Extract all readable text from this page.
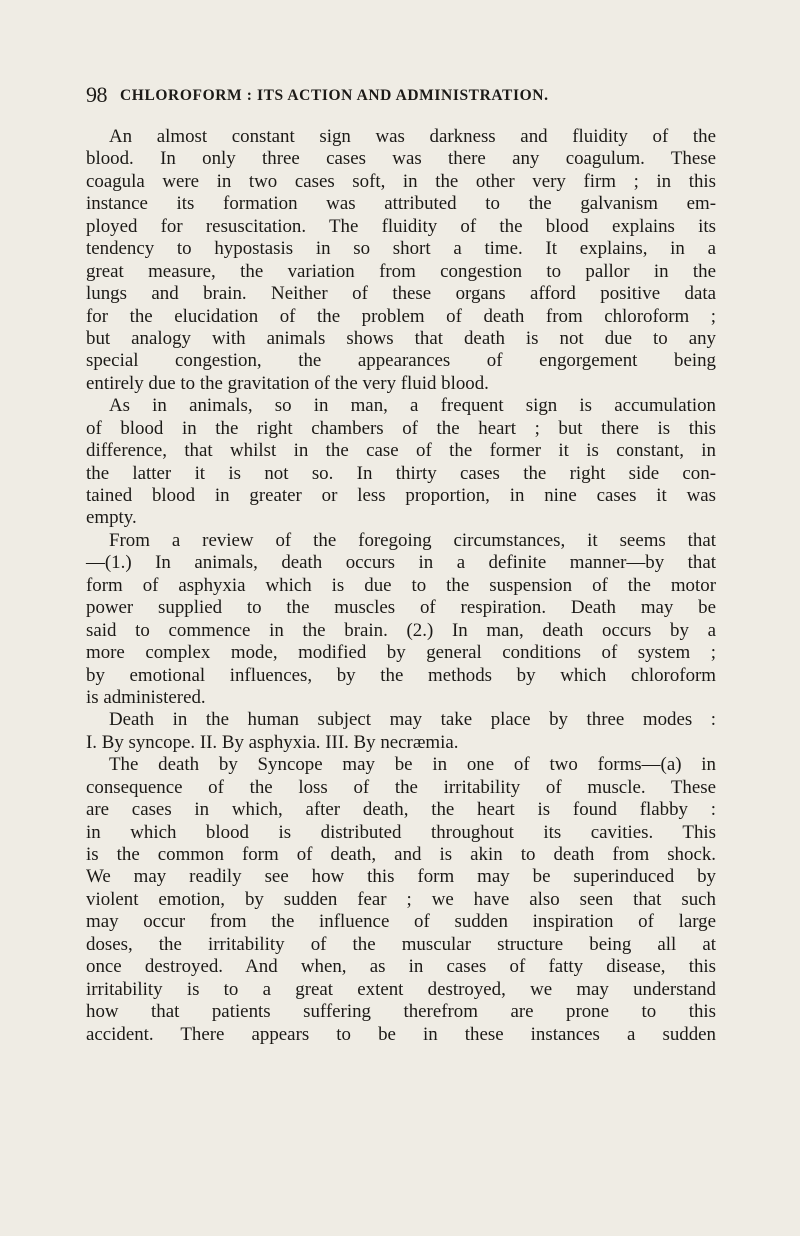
98 CHLOROFORM : ITS ACTION AND ADMINISTRATION.
An almost constant sign was darkness and fluidity of the
blood. In only three cases was there any coagulum. These
coagula were in two cases soft, in the other very firm ; in this
instance its formation was attributed to the galvanism em-
ployed for resuscitation. The fluidity of the blood explains its
tendency to hypostasis in so short a time. It explains, in a
great measure, the variation from congestion to pallor in the
lungs and brain. Neither of these organs afford positive data
for the elucidation of the problem of death from chloroform ;
but analogy with animals shows that death is not due to any
special congestion, the appearances of engorgement being
entirely due to the gravitation of the very fluid blood.
As in animals, so in man, a frequent sign is accumulation
of blood in the right chambers of the heart ; but there is this
difference, that whilst in the case of the former it is constant, in
the latter it is not so. In thirty cases the right side con-
tained blood in greater or less proportion, in nine cases it was
empty.
From a review of the foregoing circumstances, it seems that
—(1.) In animals, death occurs in a definite manner—by that
form of asphyxia which is due to the suspension of the motor
power supplied to the muscles of respiration. Death may be
said to commence in the brain. (2.) In man, death occurs by a
more complex mode, modified by general conditions of system ;
by emotional influences, by the methods by which chloroform
is administered.
Death in the human subject may take place by three modes :
I. By syncope. II. By asphyxia. III. By necræmia.
The death by Syncope may be in one of two forms—(a) in
consequence of the loss of the irritability of muscle. These
are cases in which, after death, the heart is found flabby :
in which blood is distributed throughout its cavities. This
is the common form of death, and is akin to death from shock.
We may readily see how this form may be superinduced by
violent emotion, by sudden fear ; we have also seen that such
may occur from the influence of sudden inspiration of large
doses, the irritability of the muscular structure being all at
once destroyed. And when, as in cases of fatty disease, this
irritability is to a great extent destroyed, we may understand
how that patients suffering therefrom are prone to this
accident. There appears to be in these instances a sudden
